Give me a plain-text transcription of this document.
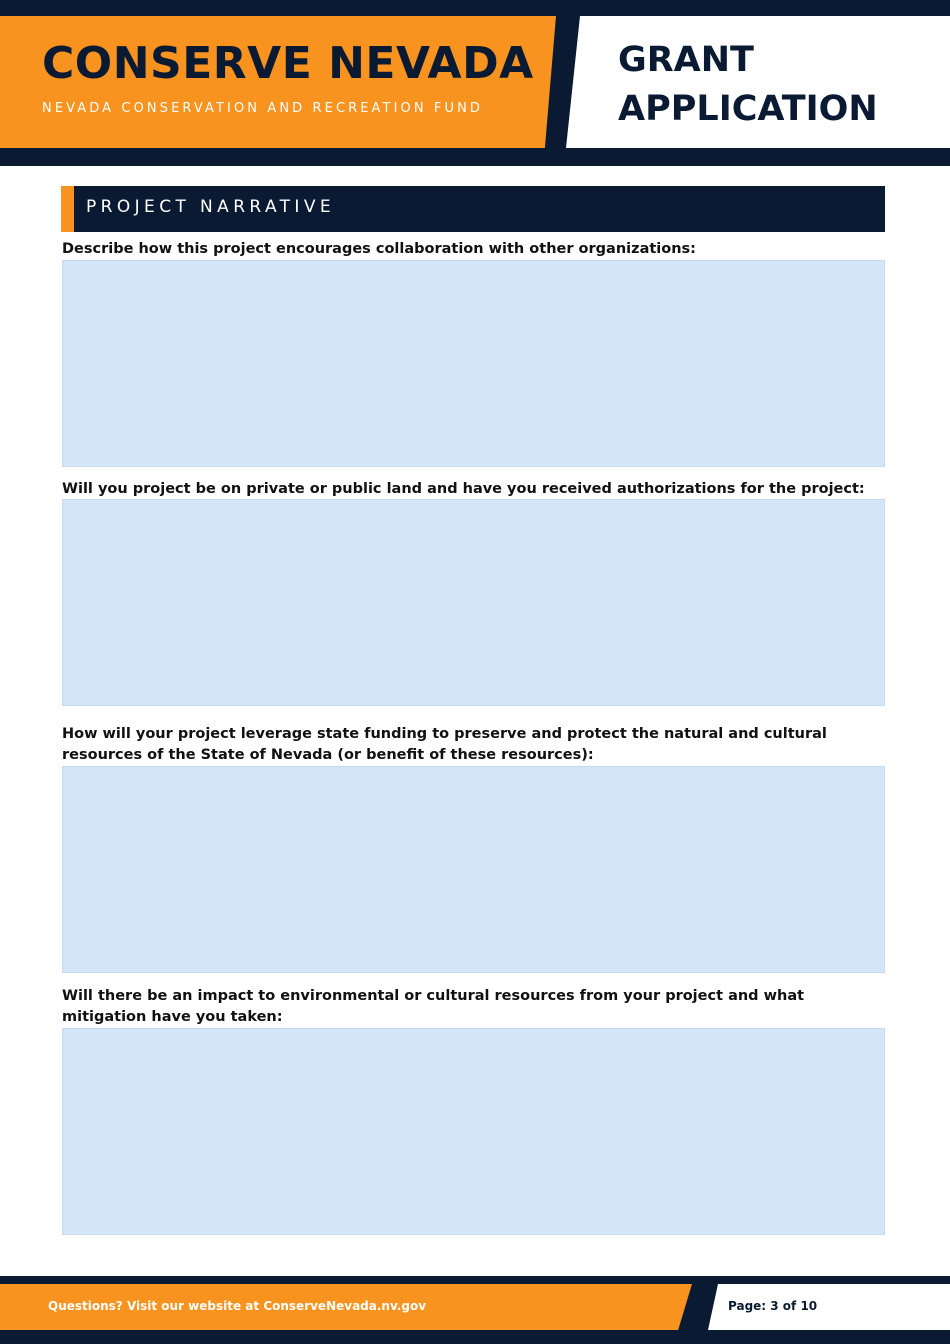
CONSERVE NEVADA
NEVADA CONSERVATION AND RECREATION FUND
GRANT APPLICATION
PROJECT NARRATIVE
Describe how this project encourages collaboration with other organizations:
Will you project be on private or public land and have you received authorizations for the project:
How will your project leverage state funding to preserve and protect the natural and cultural resources of the State of Nevada (or benefit of these resources):
Will there be an impact to environmental or cultural resources from your project and what mitigation have you taken:
Questions? Visit our website at ConserveNevada.nv.gov	Page: 3 of 10
